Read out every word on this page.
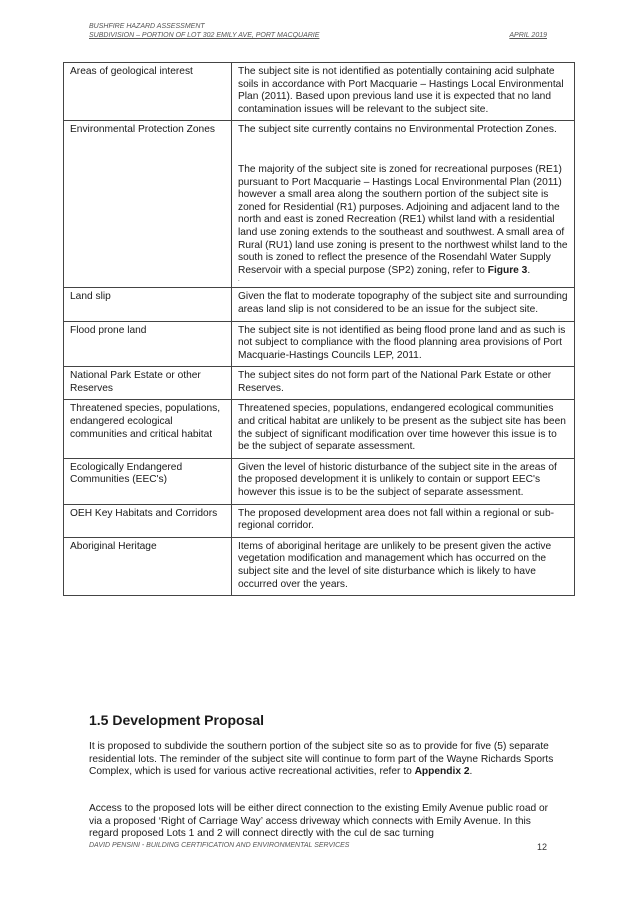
BUSHFIRE HAZARD ASSESSMENT
SUBDIVISION – PORTION OF LOT 302 EMILY AVE, PORT MACQUARIE	APRIL 2019
Areas of geological interest	The subject site is not identified as potentially containing acid sulphate soils in accordance with Port Macquarie – Hastings Local Environmental Plan (2011). Based upon previous land use it is expected that no land contamination issues will be relevant to the subject site.
Environmental Protection Zones	The subject site currently contains no Environmental Protection Zones.

The majority of the subject site is zoned for recreational purposes (RE1) pursuant to Port Macquarie – Hastings Local Environmental Plan (2011) however a small area along the southern portion of the subject site is zoned for Residential (R1) purposes. Adjoining and adjacent land to the north and east is zoned Recreation (RE1) whilst land with a residential land use zoning extends to the southeast and southwest. A small area of Rural (RU1) land use zoning is present to the northwest whilst land to the south is zoned to reflect the presence of the Rosendahl Water Supply Reservoir with a special purpose (SP2) zoning, refer to Figure 3.

.

Land slip	Given the flat to moderate topography of the subject site and surrounding areas land slip is not considered to be an issue for the subject site.
Flood prone land	The subject site is not identified as being flood prone land and as such is not subject to compliance with the flood planning area provisions of Port Macquarie-Hastings Councils LEP, 2011.
National Park Estate or other Reserves	The subject sites do not form part of the National Park Estate or other Reserves.
Threatened species, populations, endangered ecological communities and critical habitat	Threatened species, populations, endangered ecological communities and critical habitat are unlikely to be present as the subject site has been the subject of significant modification over time however this issue is to be the subject of separate assessment.
Ecologically Endangered Communities (EEC's)	Given the level of historic disturbance of the subject site in the areas of the proposed development it is unlikely to contain or support EEC's however this issue is to be the subject of separate assessment.
OEH Key Habitats and Corridors	The proposed development area does not fall within a regional or sub-regional corridor.
Aboriginal Heritage	Items of aboriginal heritage are unlikely to be present given the active vegetation modification and management which has occurred on the subject site and the level of site disturbance which is likely to have occurred over the years.
1.5 Development Proposal

It is proposed to subdivide the southern portion of the subject site so as to provide for five (5) separate residential lots. The reminder of the subject site will continue to form part of the Wayne Richards Sports Complex, which is used for various active recreational activities, refer to Appendix 2.

Access to the proposed lots will be either direct connection to the existing Emily Avenue public road or via a proposed ‘Right of Carriage Way’ access driveway which connects with Emily Avenue. In this regard proposed Lots 1 and 2 will connect directly with the cul de sac turning

DAVID PENSINI - BUILDING CERTIFICATION AND ENVIRONMENTAL SERVICES	12
